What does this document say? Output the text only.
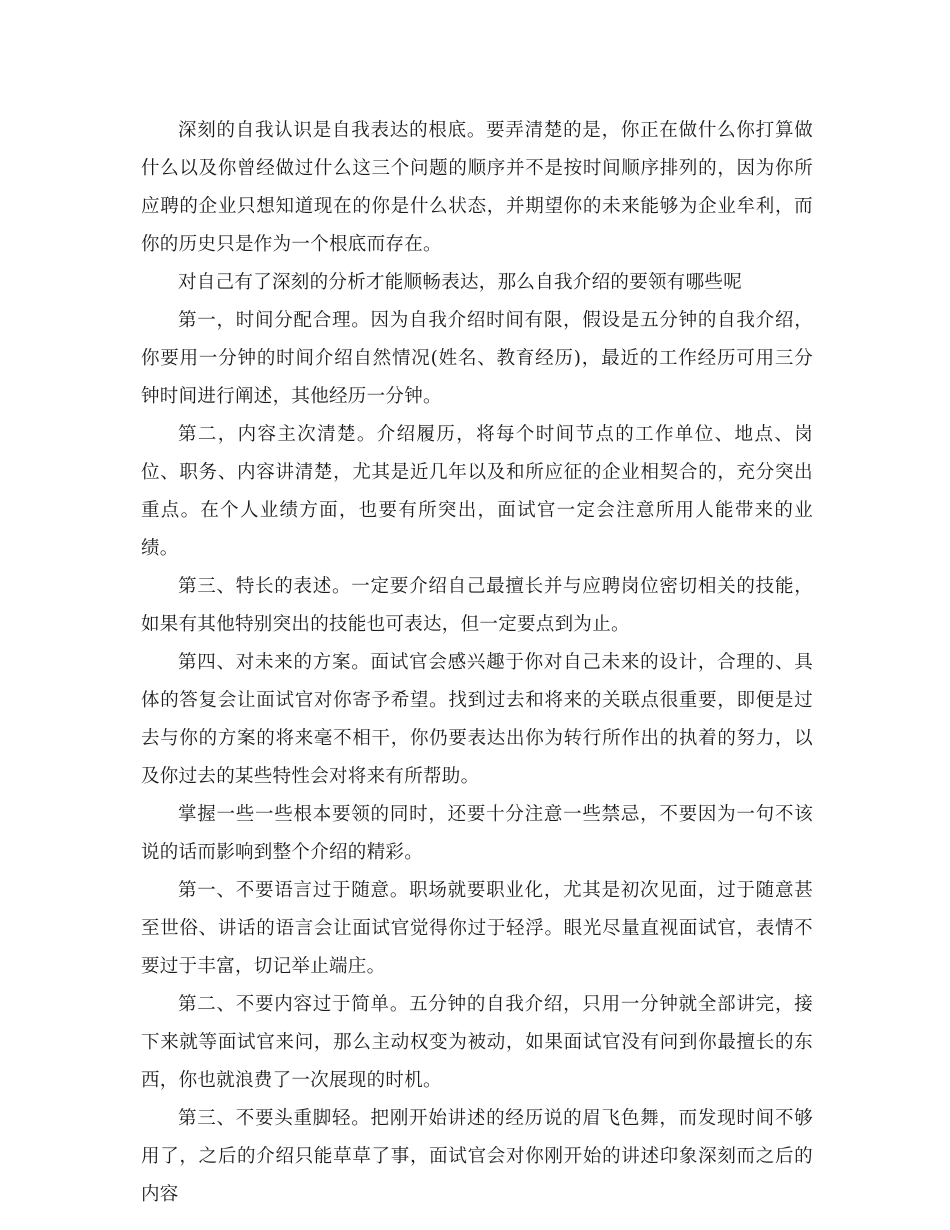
深刻的自我认识是自我表达的根底。要弄清楚的是，你正在做什么你打算做什么以及你曾经做过什么这三个问题的顺序并不是按时间顺序排列的，因为你所应聘的企业只想知道现在的你是什么状态，并期望你的未来能够为企业牟利，而你的历史只是作为一个根底而存在。

对自己有了深刻的分析才能顺畅表达，那么自我介绍的要领有哪些呢

第一，时间分配合理。因为自我介绍时间有限，假设是五分钟的自我介绍，你要用一分钟的时间介绍自然情况(姓名、教育经历)，最近的工作经历可用三分钟时间进行阐述，其他经历一分钟。

第二，内容主次清楚。介绍履历，将每个时间节点的工作单位、地点、岗位、职务、内容讲清楚，尤其是近几年以及和所应征的企业相契合的，充分突出重点。在个人业绩方面，也要有所突出，面试官一定会注意所用人能带来的业绩。

第三、特长的表述。一定要介绍自己最擅长并与应聘岗位密切相关的技能，如果有其他特别突出的技能也可表达，但一定要点到为止。

第四、对未来的方案。面试官会感兴趣于你对自己未来的设计，合理的、具体的答复会让面试官对你寄予希望。找到过去和将来的关联点很重要，即便是过去与你的方案的将来毫不相干，你仍要表达出你为转行所作出的执着的努力，以及你过去的某些特性会对将来有所帮助。

掌握一些一些根本要领的同时，还要十分注意一些禁忌，不要因为一句不该说的话而影响到整个介绍的精彩。

第一、不要语言过于随意。职场就要职业化，尤其是初次见面，过于随意甚至世俗、讲话的语言会让面试官觉得你过于轻浮。眼光尽量直视面试官，表情不要过于丰富，切记举止端庄。

第二、不要内容过于简单。五分钟的自我介绍，只用一分钟就全部讲完，接下来就等面试官来问，那么主动权变为被动，如果面试官没有问到你最擅长的东西，你也就浪费了一次展现的时机。

第三、不要头重脚轻。把刚开始讲述的经历说的眉飞色舞，而发现时间不够用了，之后的介绍只能草草了事，面试官会对你刚开始的讲述印象深刻而之后的内容
